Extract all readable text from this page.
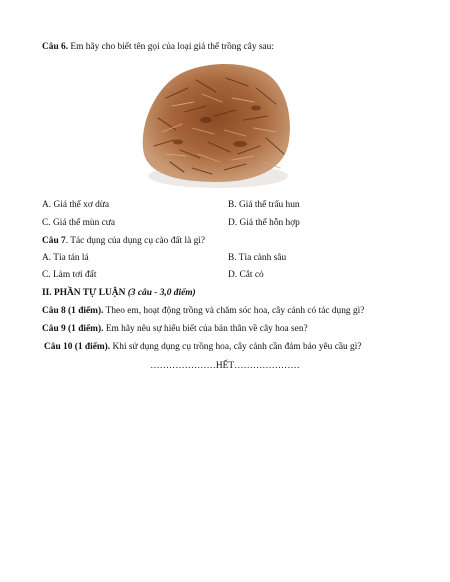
Câu 6. Em hãy cho biết tên gọi của loại giá thể trồng cây sau:
A. Giá thể xơ dừa	B. Giá thể trấu hun
C. Giá thể mùn cưa	D. Giá thể hỗn hợp
Câu 7. Tác dụng của dụng cụ cào đất là gì?
A. Tỉa tán lá	B. Tỉa cành sâu
C. Làm tơi đất	D. Cắt cỏ
II. PHẦN TỰ LUẬN (3 câu - 3,0 điểm)
Câu 8 (1 điểm). Theo em, hoạt động trồng và chăm sóc hoa, cây cảnh có tác dụng gì?
Câu 9 (1 điểm). Em hãy nêu sự hiểu biết của bản thân về cây hoa sen?
Câu 10 (1 điểm). Khi sử dụng dụng cụ trồng hoa, cây cảnh cần đảm bảo yêu cầu gì?
…………………HẾT…………………
